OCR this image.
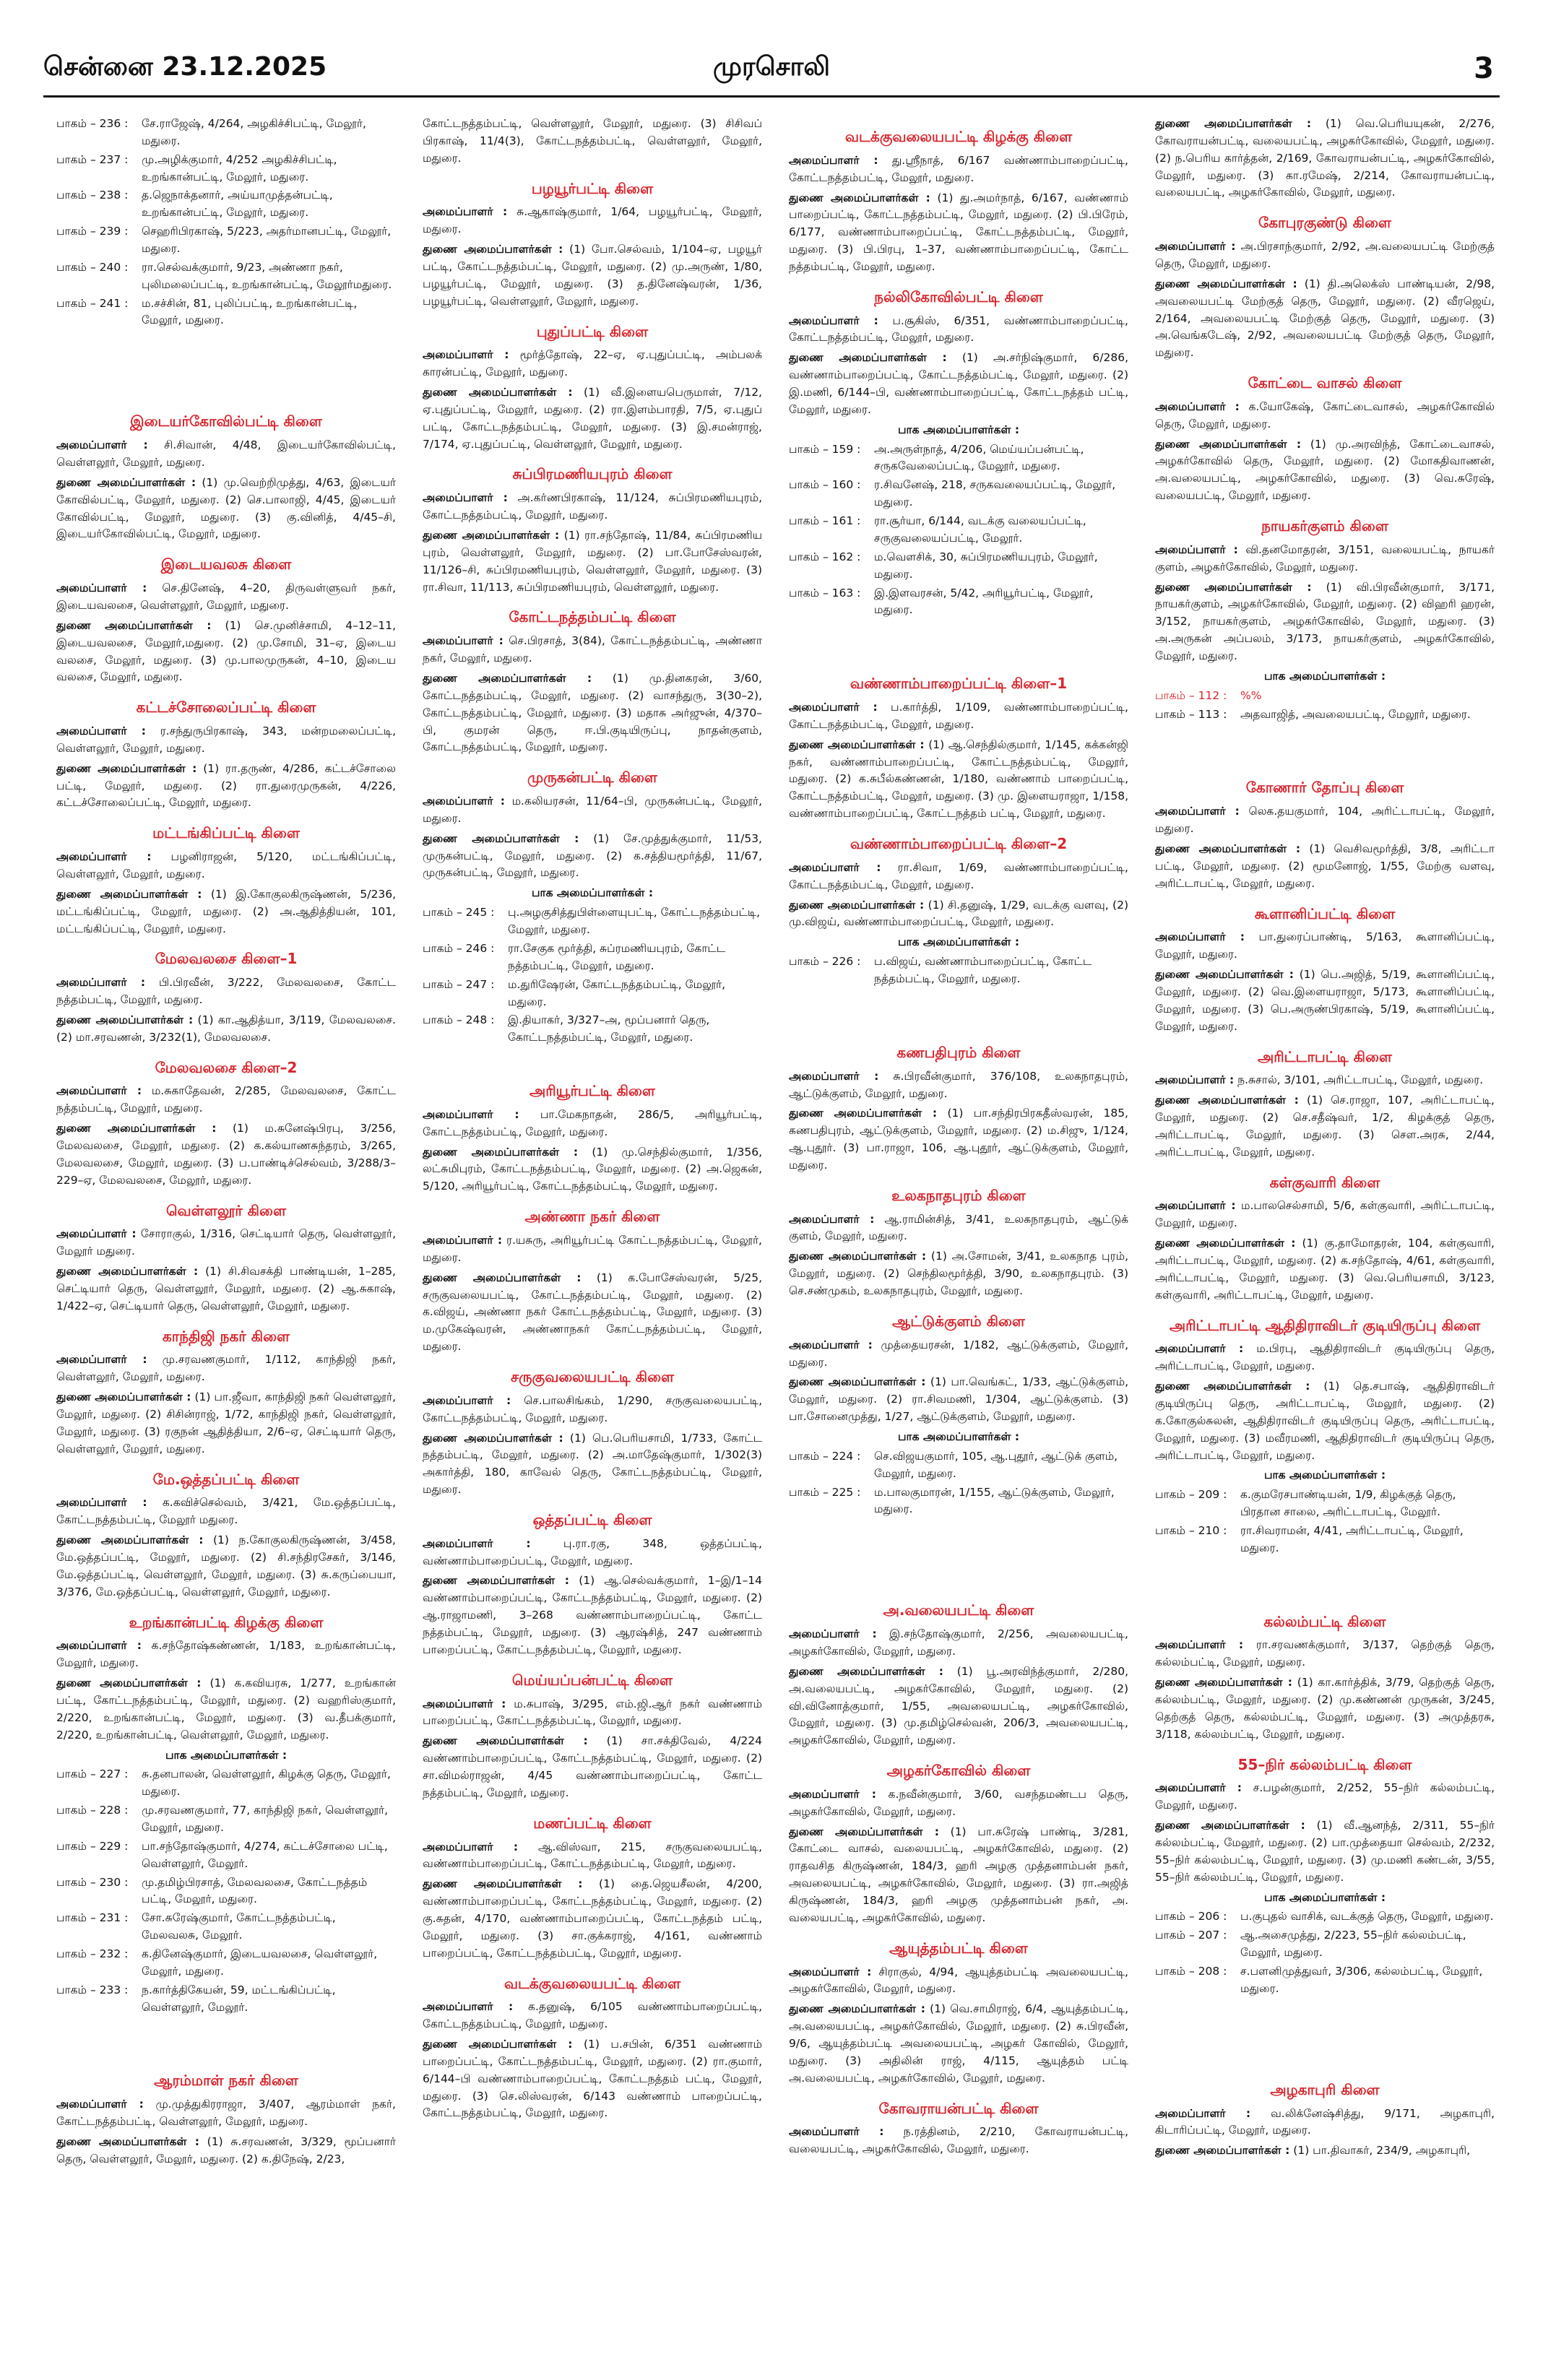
சென்னை 23.12.2025	முரசொலி	3
பாகம் – 236 :	சே.ராஜேஷ், 4/264, அழகிச்சிபட்டி, மேலூர், மதுரை.
பாகம் – 237 :	மு.அழிக்குமார், 4/252 அழகிச்சிபட்டி, உறங்கான்பட்டி, மேலூர், மதுரை.
பாகம் – 238 :	த.ஜெநாக்தனார், அய்யாமுத்தன்பட்டி, உறங்கான்பட்டி, மேலூர், மதுரை.
பாகம் – 239 :	செஹரிபிரகாஷ், 5/223, அதர்மானபட்டி, மேலூர், மதுரை.
பாகம் – 240 :	ரா.செல்வக்குமார், 9/23, அண்ணா நகர், புலிமலைப்பட்டி, உறங்கான்பட்டி, மேலூர்மதுரை.
பாகம் – 241 :	ம.சச்சின், 81, புலிப்பட்டி, உறங்கான்பட்டி, மேலூர், மதுரை.
இடையர்கோவில்பட்டி கிளை
அமைப்பாளர் : சி.சிவான், 4/48, இடையர்கோவில்பட்டி, வெள்ளலூர், மேலூர், மதுரை.
துணை அமைப்பாளர்கள் : (1) மு.வெற்றிமுத்து, 4/63, இடையர் கோவில்பட்டி, மேலூர், மதுரை. (2) செ.பாலாஜி, 4/45, இடையர் கோவில்பட்டி, மேலூர், மதுரை. (3) கு.வினித், 4/45–சி, இடையர்கோவில்பட்டி, மேலூர், மதுரை.
இடையவலசு கிளை
அமைப்பாளர் : செ.தினேஷ், 4–20, திருவள்ளுவர் நகர், இடையவலசை, வெள்ளலூர், மேலூர், மதுரை.
துணை அமைப்பாளர்கள் : (1) செ.முனிச்சாமி, 4–12–11, இடையவலசை, மேலூர்,மதுரை. (2) மு.சோமி, 31–ஏ, இடைய வலசை, மேலூர், மதுரை. (3) மு.பாலமுருகன், 4–10, இடைய வலசை, மேலூர், மதுரை.
கட்டச்சோலைப்பட்டி கிளை
அமைப்பாளர் : ர.சந்துருபிரகாஷ், 343, மன்றமலைப்பட்டி, வெள்ளலூர், மேலூர், மதுரை.
துணை அமைப்பாளர்கள் : (1) ரா.தருண், 4/286, கட்டச்சோலை பட்டி, மேலூர், மதுரை. (2) ரா.துரைமுருகன், 4/226, கட்டச்சோலைப்பட்டி, மேலூர், மதுரை.
மட்டங்கிப்பட்டி கிளை
அமைப்பாளர் : பழனிராஜன், 5/120, மட்டங்கிப்பட்டி, வெள்ளலூர், மேலூர், மதுரை.
துணை அமைப்பாளர்கள் : (1) இ.கோகுலகிருஷ்ணன், 5/236, மட்டங்கிப்பட்டி, மேலூர், மதுரை. (2) அ.ஆதித்தியன், 101, மட்டங்கிப்பட்டி, மேலூர், மதுரை.
மேலவலசை கிளை–1
அமைப்பாளர் : பி.பிரவீன், 3/222, மேலவலசை, கோட்ட நத்தம்பட்டி, மேலூர், மதுரை.
துணை அமைப்பாளர்கள் : (1) கா.ஆதித்யா, 3/119, மேலவலசை. (2) மா.சரவணன், 3/232(1), மேலவலசை.
மேலவலசை கிளை–2
அமைப்பாளர் : ம.சுகாதேவன், 2/285, மேலவலசை, கோட்ட நத்தம்பட்டி, மேலூர், மதுரை.
துணை அமைப்பாளர்கள் : (1) ம.சுனேஷ்பிரபு, 3/256, மேலவலசை, மேலூர், மதுரை. (2) க.கல்யாணசுந்தரம், 3/265, மேலவலசை, மேலூர், மதுரை. (3) ப.பாண்டிச்செல்வம், 3/288/3–229–ஏ, மேலவலசை, மேலூர், மதுரை.
வெள்ளலூர் கிளை
அமைப்பாளர் : சோராகுல், 1/316, செட்டியார் தெரு, வெள்ளலூர், மேலூர் மதுரை.
துணை அமைப்பாளர்கள் : (1) சி.சிவசக்தி பாண்டியன், 1–285, செட்டியார் தெரு, வெள்ளலூர், மேலூர், மதுரை. (2) ஆ.சுகாஷ், 1/422–ஏ, செட்டியார் தெரு, வெள்ளலூர், மேலூர், மதுரை.
காந்திஜி நகர் கிளை
அமைப்பாளர் : மு.சரவணகுமார், 1/112, காந்திஜி நகர், வெள்ளலூர், மேலூர், மதுரை.
துணை அமைப்பாளர்கள் : (1) பா.ஜீவா, காந்திஜி நகர் வெள்ளலூர், மேலூர், மதுரை. (2) சிசின்ராஜ், 1/72, காந்திஜி நகர், வெள்ளலூர், மேலூர், மதுரை. (3) ரகுநன் ஆதித்தியா, 2/6–ஏ, செட்டியார் தெரு, வெள்ளலூர், மேலூர், மதுரை.
மே.ஒத்தப்பட்டி கிளை
அமைப்பாளர் : க.கவிச்செல்வம், 3/421, மே.ஒத்தப்பட்டி, கோட்டநத்தம்பட்டி, மேலூர் மதுரை.
துணை அமைப்பாளர்கள் : (1) ந.கோகுலகிருஷ்ணன், 3/458, மே.ஒத்தப்பட்டி, மேலூர், மதுரை. (2) சி.சந்திரசேகர், 3/146, மே.ஒத்தப்பட்டி, வெள்ளலூர், மேலூர், மதுரை. (3) சு.கருப்பையா, 3/376, மே.ஒத்தப்பட்டி, வெள்ளலூர், மேலூர், மதுரை.
உறங்கான்பட்டி கிழக்கு கிளை
அமைப்பாளர் : க.சந்தோஷ்கண்ணன், 1/183, உறங்கான்பட்டி, மேலூர், மதுரை.
துணை அமைப்பாளர்கள் : (1) க.கவியரசு, 1/277, உறங்கான் பட்டி, கோட்டநத்தம்பட்டி, மேலூர், மதுரை. (2) வஹரிஸ்குமார், 2/220, உறங்கான்பட்டி, மேலூர், மதுரை. (3) வ.தீபக்குமார், 2/220, உறங்கான்பட்டி, வெள்ளலூர், மேலூர், மதுரை.
பாக அமைப்பாளர்கள் :
பாகம் – 227 :	சு.தனபாலன், வெள்ளலூர், கிழக்கு தெரு, மேலூர், மதுரை.
பாகம் – 228 :	மு.சரவணகுமார், 77, காந்திஜி நகர், வெள்ளலூர், மேலூர், மதுரை.
பாகம் – 229 :	பா.சந்தோஷ்குமார், 4/274, கட்டச்சோலை பட்டி, வெள்ளலூர், மேலூர்.
பாகம் – 230 :	மு.தமிழ்பிரசாத், மேலவலசை, கோட்டநத்தம் பட்டி, மேலூர், மதுரை.
பாகம் – 231 :	சோ.சுரேஷ்குமார், கோட்டநத்தம்பட்டி, மேலவலசு, மேலூர்.
பாகம் – 232 :	க.தினேஷ்குமார், இடையவலசை, வெள்ளலூர், மேலூர், மதுரை.
பாகம் – 233 :	ந.கார்த்திகேயன், 59, மட்டங்கிப்பட்டி, வெள்ளலூர், மேலூர்.
ஆரம்மாள் நகர் கிளை
அமைப்பாளர் : மு.முத்துகிரராஜா, 3/407, ஆரம்மாள் நகர், கோட்டநத்தம்பட்டி, வெள்ளலூர், மேலூர், மதுரை.
துணை அமைப்பாளர்கள் : (1) சு.சரவணன், 3/329, மூப்பனார் தெரு, வெள்ளலூர், மேலூர், மதுரை. (2) க.திநேஷ், 2/23,
கோட்டநத்தம்பட்டி, வெள்ளலூர், மேலூர், மதுரை. (3) சிசிவப் பிரகாஷ், 11/4(3), கோட்டநத்தம்பட்டி, வெள்ளலூர், மேலூர், மதுரை.
பழயூர்பட்டி கிளை
அமைப்பாளர் : சு.ஆகாஷ்குமார், 1/64, பழயூர்பட்டி, மேலூர், மதுரை.
துணை அமைப்பாளர்கள் : (1) போ.செல்வம், 1/104–ஏ, பழயூர் பட்டி, கோட்டநத்தம்பட்டி, மேலூர், மதுரை. (2) மு.அருண், 1/80, பழயூர்பட்டி, மேலூர், மதுரை. (3) த.தினேஷ்வரன், 1/36, பழயூர்பட்டி, வெள்ளலூர், மேலூர், மதுரை.
புதுப்பட்டி கிளை
அமைப்பாளர் : மூர்த்தோஷ், 22–ஏ, ஏ.புதுப்பட்டி, அம்பலக் காரன்பட்டி, மேலூர், மதுரை.
துணை அமைப்பாளர்கள் : (1) வீ.இளையபெருமாள், 7/12, ஏ.புதுப்பட்டி, மேலூர், மதுரை. (2) ரா.இளம்பாரதி, 7/5, ஏ.புதுப் பட்டி, கோட்டநத்தம்பட்டி, மேலூர், மதுரை. (3) இ.சமன்ராஜ், 7/174, ஏ.புதுப்பட்டி, வெள்ளலூர், மேலூர், மதுரை.
சுப்பிரமணியபுரம் கிளை
அமைப்பாளர் : அ.கர்ணபிரகாஷ், 11/124, சுப்பிரமணியபுரம், கோட்டநத்தம்பட்டி, மேலூர், மதுரை.
துணை அமைப்பாளர்கள் : (1) ரா.சந்தோஷ், 11/84, சுப்பிரமணிய புரம், வெள்ளலூர், மேலூர், மதுரை. (2) பா.போசேஸ்வரன், 11/126–சி, சுப்பிரமணியபுரம், வெள்ளலூர், மேலூர், மதுரை. (3) ரா.சிவா, 11/113, சுப்பிரமணியபுரம், வெள்ளலூர், மதுரை.
கோட்டநத்தம்பட்டி கிளை
அமைப்பாளர் : செ.பிரசாத், 3(84), கோட்டநத்தம்பட்டி, அண்ணா நகர், மேலூர், மதுரை.
துணை அமைப்பாளர்கள் : (1) மு.தினகரன், 3/60, கோட்டநத்தம்பட்டி, மேலூர், மதுரை. (2) வாசந்துரு, 3(30–2), கோட்டநத்தம்பட்டி, மேலூர், மதுரை. (3) மதாசு அர்ஜுன், 4/370–பி, குமரன் தெரு, ஈ.பி.குடியிருப்பு, நாதன்குளம், கோட்டநத்தம்பட்டி, மேலூர், மதுரை.
முருகன்பட்டி கிளை
அமைப்பாளர் : ம.கலியரசன், 11/64–பி, முருகன்பட்டி, மேலூர், மதுரை.
துணை அமைப்பாளர்கள் : (1) சே.முத்துக்குமார், 11/53, முருகன்பட்டி, மேலூர், மதுரை. (2) க.சத்தியமூர்த்தி, 11/67, முருகன்பட்டி, மேலூர், மதுரை.
பாக அமைப்பாளர்கள் :
பாகம் – 245 :	பு.அழகுசித்துபிள்ளையுபட்டி, கோட்டநத்தம்பட்டி, மேலூர், மதுரை.
பாகம் – 246 :	ரா.சேகுக மூர்த்தி, சுப்ரமணியபுரம், கோட்ட நத்தம்பட்டி, மேலூர், மதுரை.
பாகம் – 247 :	ம.துரிஷேரன், கோட்டநத்தம்பட்டி, மேலூர், மதுரை.
பாகம் – 248 :	இ.தியாகர், 3/327–அ, மூப்பனார் தெரு, கோட்டநத்தம்பட்டி, மேலூர், மதுரை.
அரியூர்பட்டி கிளை
அமைப்பாளர் : பா.மேகநாதன், 286/5, அரியூர்பட்டி, கோட்டநத்தம்பட்டி, மேலூர், மதுரை.
துணை அமைப்பாளர்கள் : (1) மு.செந்தில்குமார், 1/356, லட்சுமிபுரம், கோட்டநத்தம்பட்டி, மேலூர், மதுரை. (2) அ.ஜெகன், 5/120, அரியூர்பட்டி, கோட்டநத்தம்பட்டி, மேலூர், மதுரை.
அண்ணா நகர் கிளை
அமைப்பாளர் : ர.யசுரு, அரியூர்பட்டி கோட்டநத்தம்பட்டி, மேலூர், மதுரை.
துணை அமைப்பாளர்கள் : (1) க.போசேஸ்வரன், 5/25, சருகுவலையபட்டி, கோட்டநத்தம்பட்டி, மேலூர், மதுரை. (2) க.விஜய், அண்ணா நகர் கோட்டநத்தம்பட்டி, மேலூர், மதுரை. (3) ம.முகேஷ்வரன், அண்ணாநகர் கோட்டநத்தம்பட்டி, மேலூர், மதுரை.
சருகுவலையபட்டி கிளை
அமைப்பாளர் : செ.பாலசிங்கம், 1/290, சருகுவலையபட்டி, கோட்டநத்தம்பட்டி, மேலூர், மதுரை.
துணை அமைப்பாளர்கள் : (1) பெ.பெரியசாமி, 1/733, கோட்ட நத்தம்பட்டி, மேலூர், மதுரை. (2) அ.மாதேஷ்குமார், 1/302(3) அகார்த்தி, 180, காவேல் தெரு, கோட்டநத்தம்பட்டி, மேலூர், மதுரை.
ஒத்தப்பட்டி கிளை
அமைப்பாளர் :	பு.ரா.ரகு, 348, ஒத்தப்பட்டி, வண்ணாம்பாறைப்பட்டி, மேலூர், மதுரை.
துணை அமைப்பாளர்கள் : (1) ஆ.செல்வக்குமார், 1–இ/1–14 வண்ணாம்பாறைப்பட்டி, கோட்டநத்தம்பட்டி, மேலூர், மதுரை. (2) ஆ.ராஜாமணி, 3–268 வண்ணாம்பாறைப்பட்டி, கோட்ட நத்தம்பட்டி, மேலூர், மதுரை. (3) ஆரஷ்சித், 247 வண்ணாம் பாறைப்பட்டி, கோட்டநத்தம்பட்டி, மேலூர், மதுரை.
மெய்யப்பன்பட்டி கிளை
அமைப்பாளர் : ம.சுபாஷ், 3/295, எம்.ஜி.ஆர் நகர் வண்ணாம் பாறைப்பட்டி, கோட்டநத்தம்பட்டி, மேலூர், மதுரை.
துணை அமைப்பாளர்கள் : (1) சா.சக்திவேல், 4/224 வண்ணாம்பாறைப்பட்டி, கோட்டநத்தம்பட்டி, மேலூர், மதுரை. (2) சா.விமல்ராஜன், 4/45 வண்ணாம்பாறைப்பட்டி, கோட்ட நத்தம்பட்டி, மேலூர், மதுரை.
மணப்பட்டி கிளை
அமைப்பாளர் : ஆ.விஸ்வா, 215, சருகுவலையபட்டி, வண்ணாம்பாறைப்பட்டி, கோட்டநத்தம்பட்டி, மேலூர், மதுரை.
துணை அமைப்பாளர்கள் : (1) தை.ஜெயசீலன், 4/200, வண்ணாம்பாறைப்பட்டி, கோட்டநத்தம்பட்டி, மேலூர், மதுரை. (2) கு.சுதன், 4/170, வண்ணாம்பாறைப்பட்டி, கோட்டநத்தம் பட்டி, மேலூர், மதுரை. (3) சா.குக்கராஜ், 4/161, வண்ணாம் பாறைப்பட்டி, கோட்டநத்தம்பட்டி, மேலூர், மதுரை.
வடக்குவலையபட்டி கிளை
அமைப்பாளர் : க.தனுஷ், 6/105 வண்ணாம்பாறைப்பட்டி, கோட்டநத்தம்பட்டி, மேலூர், மதுரை.
துணை அமைப்பாளர்கள் : (1) ப.சபின், 6/351 வண்ணாம் பாறைப்பட்டி, கோட்டநத்தம்பட்டி, மேலூர், மதுரை. (2) ரா.குமார், 6/144–பி வண்ணாம்பாறைப்பட்டி, கோட்டநத்தம் பட்டி, மேலூர், மதுரை. (3) செ.லிஸ்வரன், 6/143 வண்ணாம் பாறைப்பட்டி, கோட்டநத்தம்பட்டி, மேலூர், மதுரை.
வடக்குவலையபட்டி கிழக்கு கிளை
அமைப்பாளர் : து.ஸ்ரீநாத், 6/167 வண்ணாம்பாறைப்பட்டி, கோட்டநத்தம்பட்டி, மேலூர், மதுரை.
துணை அமைப்பாளர்கள் : (1) து.அமர்நாத், 6/167, வண்ணாம் பாறைப்பட்டி, கோட்டநத்தம்பட்டி, மேலூர், மதுரை. (2) பி.பிரேம், 6/177, வண்ணாம்பாறைப்பட்டி, கோட்டநத்தம்பட்டி, மேலூர், மதுரை. (3) பி.பிரபு, 1–37, வண்ணாம்பாறைப்பட்டி, கோட்ட நத்தம்பட்டி, மேலூர், மதுரை.
நல்லிகோவில்பட்டி கிளை
அமைப்பாளர் : ப.சூகிஸ், 6/351, வண்ணாம்பாறைப்பட்டி, கோட்டநத்தம்பட்டி, மேலூர், மதுரை.
துணை அமைப்பாளர்கள் : (1) அ.சர்நிஷ்குமார், 6/286, வண்ணாம்பாறைப்பட்டி, கோட்டநத்தம்பட்டி, மேலூர், மதுரை. (2) இ.மணி, 6/144–பி, வண்ணாம்பாறைப்பட்டி, கோட்டநத்தம் பட்டி, மேலூர், மதுரை.
பாக அமைப்பாளர்கள் :
பாகம் – 159 :	அ.அருள்நாத், 4/206, மெய்யப்பன்பட்டி, சருகவேலைப்பட்டி, மேலூர், மதுரை.
பாகம் – 160 :	ர.சிவனேஷ், 218, சருகவலையப்பட்டி, மேலூர், மதுரை.
பாகம் – 161 :	ரா.சூர்யா, 6/144, வடக்கு வலையப்பட்டி, சருகுவலையப்பட்டி, மேலூர்.
பாகம் – 162 :	ம.வெளசிக், 30, சுப்பிரமணியபுரம், மேலூர், மதுரை.
பாகம் – 163 :	இ.இளவரசன், 5/42, அரியூர்பட்டி, மேலூர், மதுரை.
வண்ணாம்பாறைப்பட்டி கிளை–1
அமைப்பாளர் : ப.கார்த்தி, 1/109, வண்ணாம்பாறைப்பட்டி, கோட்டநத்தம்பட்டி, மேலூர், மதுரை.
துணை அமைப்பாளர்கள் : (1) ஆ.செந்தில்குமார், 1/145, கக்கன்ஜி நகர், வண்ணாம்பாறைப்பட்டி, கோட்டநத்தம்பட்டி, மேலூர், மதுரை. (2) க.சுபீல்கண்ணன், 1/180, வண்ணாம் பாறைப்பட்டி, கோட்டநத்தம்பட்டி, மேலூர், மதுரை. (3) மு. இளையராஜா, 1/158, வண்ணாம்பாறைப்பட்டி, கோட்டநத்தம் பட்டி, மேலூர், மதுரை.
வண்ணாம்பாறைப்பட்டி கிளை–2
அமைப்பாளர் : ரா.சிவா, 1/69, வண்ணாம்பாறைப்பட்டி, கோட்டநத்தம்பட்டி, மேலூர், மதுரை.
துணை அமைப்பாளர்கள் : (1) சி.தனுஷ், 1/29, வடக்கு வளவு, (2) மு.விஜய், வண்ணாம்பாறைப்பட்டி, மேலூர், மதுரை.
பாக அமைப்பாளர்கள் :
பாகம் – 226 :	ப.விஜய், வண்ணாம்பாறைப்பட்டி, கோட்ட நத்தம்பட்டி, மேலூர், மதுரை.
கணபதிபுரம் கிளை
அமைப்பாளர் : சு.பிரவீன்குமார், 376/108, உலகநாதபுரம், ஆட்டுக்குளம், மேலூர், மதுரை.
துணை அமைப்பாளர்கள் : (1) பா.சந்திரபிரகதீஸ்வரன், 185, கணபதிபுரம், ஆட்டுக்குளம், மேலூர், மதுரை. (2) ம.சிஜு, 1/124, ஆ.புதூர். (3) பா.ராஜா, 106, ஆ.புதூர், ஆட்டுக்குளம், மேலூர், மதுரை.
உலகநாதபுரம் கிளை
அமைப்பாளர் : ஆ.ராமின்சித், 3/41, உலகநாதபுரம், ஆட்டுக் குளம், மேலூர், மதுரை.
துணை அமைப்பாளர்கள் : (1) அ.சோமன், 3/41, உலகநாத புரம், மேலூர், மதுரை. (2) செந்திலமூர்த்தி, 3/90, உலகநாதபுரம். (3) செ.சண்முகம், உலகநாதபுரம், மேலூர், மதுரை.
ஆட்டுக்குளம் கிளை
அமைப்பாளர் : முத்தையரசன், 1/182, ஆட்டுக்குளம், மேலூர், மதுரை.
துணை அமைப்பாளர்கள் : (1) பா.வெங்கட், 1/33, ஆட்டுக்குளம், மேலூர், மதுரை. (2) ரா.சிவமணி, 1/304, ஆட்டுக்குளம். (3) பா.சோனைமுத்து, 1/27, ஆட்டுக்குளம், மேலூர், மதுரை.
பாக அமைப்பாளர்கள் :
பாகம் – 224 :	செ.விஜயகுமார், 105, ஆ.புதூர், ஆட்டுக் குளம், மேலூர், மதுரை.
பாகம் – 225 :	ம.பாலகுமாரன், 1/155, ஆட்டுக்குளம், மேலூர், மதுரை.
அ.வலையபட்டி கிளை
அமைப்பாளர் : இ.சந்தோஷ்குமார், 2/256, அவலையபட்டி, அழகர்கோவில், மேலூர், மதுரை.
துணை அமைப்பாளர்கள் : (1) பூ.அரவிந்த்குமார், 2/280, அ.வலையபட்டி, அழகர்கோவில், மேலூர், மதுரை. (2) வி.வினோத்குமார், 1/55, அவலையபட்டி, அழகர்கோவில், மேலூர், மதுரை. (3) மு.தமிழ்செல்வன், 206/3, அவலையபட்டி, அழகர்கோவில், மேலூர், மதுரை.
அழகர்கோவில் கிளை
அமைப்பாளர் : க.நவீன்குமார், 3/60, வசந்தமண்டப தெரு, அழகர்கோவில், மேலூர், மதுரை.
துணை அமைப்பாளர்கள் : (1) பா.சுரேஷ் பாண்டி, 3/281, கோட்டை வாசல், வலையபட்டி, அழகர்கோவில், மதுரை. (2) ராதவசித கிருஷ்ணன், 184/3, ஹரி அழகு முத்தனாம்பன் நகர், அவலையபட்டி, அழகர்கோவில், மேலூர், மதுரை. (3) ரா.அஜித் கிருஷ்ணன், 184/3, ஹரி அழகு முத்தனாம்பன் நகர், அ. வலையபட்டி, அழகர்கோவில், மதுரை.
ஆயுத்தம்பட்டி கிளை
அமைப்பாளர் : சிராகுல், 4/94, ஆயுத்தம்பட்டி அவலையபட்டி, அழகர்கோவில், மேலூர், மதுரை.
துணை அமைப்பாளர்கள் : (1) வெ.சாமிராஜ், 6/4, ஆயுத்தம்பட்டி, அ.வலையபட்டி, அழகர்கோவில், மேலூர், மதுரை. (2) சு.பிரவீன், 9/6, ஆயுத்தம்பட்டி அவலையபட்டி, அழகர் கோவில், மேலூர், மதுரை. (3) அதிலின் ராஜ், 4/115, ஆயுத்தம் பட்டி அ.வலையபட்டி, அழகர்கோவில், மேலூர், மதுரை.
கோவராயன்பட்டி கிளை
அமைப்பாளர் : ந.ரத்தினம், 2/210, கோவராயன்பட்டி, வலையபட்டி, அழகர்கோவில், மேலூர், மதுரை.
துணை அமைப்பாளர்கள் : (1) வெ.பெரியயுகன், 2/276, கோவராயன்பட்டி, வலையபட்டி, அழகர்கோவில், மேலூர், மதுரை. (2) ந.பெரிய கார்த்தன், 2/169, கோவராயன்பட்டி, அழகர்கோவில், மேலூர், மதுரை. (3) கா.ரமேஷ், 2/214, கோவராயன்பட்டி, வலையபட்டி, அழகர்கோவில், மேலூர், மதுரை.
கோபுரகுண்டு கிளை
அமைப்பாளர் : அ.பிரசாந்குமார், 2/92, அ.வலையபட்டி மேற்குத் தெரு, மேலூர், மதுரை.
துணை அமைப்பாளர்கள் : (1) தி.அலெக்ஸ் பாண்டியன், 2/98, அவலையபட்டி மேற்குத் தெரு, மேலூர், மதுரை. (2) வீரஜெய், 2/164, அவலையபட்டி மேற்குத் தெரு, மேலூர், மதுரை. (3) அ.வெங்கடேஷ், 2/92, அவலையபட்டி மேற்குத் தெரு, மேலூர், மதுரை.
கோட்டை வாசல் கிளை
அமைப்பாளர் : க.யோகேஷ், கோட்டைவாசல், அழகர்கோவில் தெரு, மேலூர், மதுரை.
துணை அமைப்பாளர்கள் : (1) மு.அரவிந்த், கோட்டைவாசல், அழகர்கோவில் தெரு, மேலூர், மதுரை. (2) மோகதிவாணன், அ.வலையபட்டி, அழகர்கோவில், மதுரை. (3) வெ.சுரேஷ், வலையபட்டி, மேலூர், மதுரை.
நாயகர்குளம் கிளை
அமைப்பாளர் : வி.தனமோதரன், 3/151, வலையபட்டி, நாயகர் குளம், அழகர்கோவில், மேலூர், மதுரை.
துணை அமைப்பாளர்கள் : (1) வி.பிரவீன்குமார், 3/171, நாயகர்குளம், அழகர்கோவில், மேலூர், மதுரை. (2) விஹரி ஹரன், 3/152, நாயகர்குளம், அழகர்கோவில், மேலூர், மதுரை. (3) அ.அருகன் அப்பலம், 3/173, நாயகர்குளம், அழகர்கோவில், மேலூர், மதுரை.
பாக அமைப்பாளர்கள் :
பாகம் – 112 :	%%
பாகம் – 113 :	அதவாஜித், அவலையபட்டி, மேலூர், மதுரை.
கோணார் தோப்பு கிளை
அமைப்பாளர் : லெக.தயகுமார், 104, அரிட்டாபட்டி, மேலூர், மதுரை.
துணை அமைப்பாளர்கள் : (1) வெசிவமூர்த்தி, 3/8, அரிட்டா பட்டி, மேலூர், மதுரை. (2) மூமனோஜ், 1/55, மேற்கு வளவு, அரிட்டாபட்டி, மேலூர், மதுரை.
கூளானிப்பட்டி கிளை
அமைப்பாளர் : பா.துரைப்பாண்டி, 5/163, கூளானிப்பட்டி, மேலூர், மதுரை.
துணை அமைப்பாளர்கள் : (1) பெ.அஜித், 5/19, கூளானிப்பட்டி, மேலூர், மதுரை. (2) வெ.இளையராஜா, 5/173, கூளானிப்பட்டி, மேலூர், மதுரை. (3) பெ.அருண்பிரகாஷ், 5/19, கூளானிப்பட்டி, மேலூர், மதுரை.
அரிட்டாபட்டி கிளை
அமைப்பாளர் : ந.சுசால், 3/101, அரிட்டாபட்டி, மேலூர், மதுரை.
துணை அமைப்பாளர்கள் : (1) செ.ராஜா, 107, அரிட்டாபட்டி, மேலூர், மதுரை. (2) செ.சதீஷ்வர், 1/2, கிழக்குத் தெரு, அரிட்டாபட்டி, மேலூர், மதுரை. (3) சௌ.அரசு, 2/44, அரிட்டாபட்டி, மேலூர், மதுரை.
கள்குவாரி கிளை
அமைப்பாளர் : ம.பாலசெல்சாமி, 5/6, கள்குவாரி, அரிட்டாபட்டி, மேலூர், மதுரை.
துணை அமைப்பாளர்கள் : (1) கு.தாமோதரன், 104, கள்குவாரி, அரிட்டாபட்டி, மேலூர், மதுரை. (2) க.சந்தோஷ், 4/61, கள்குவாரி, அரிட்டாபட்டி, மேலூர், மதுரை. (3) வெ.பெரியசாமி, 3/123, கள்குவாரி, அரிட்டாபட்டி, மேலூர், மதுரை.
அரிட்டாபட்டி ஆதிதிராவிடர் குடியிருப்பு கிளை
அமைப்பாளர் : ம.பிரபு, ஆதிதிராவிடர் குடியிருப்பு தெரு, அரிட்டாபட்டி, மேலூர், மதுரை.
துணை அமைப்பாளர்கள் : (1) தெ.சபாஷ், ஆதிதிராவிடர் குடியிருப்பு தெரு, அரிட்டாபட்டி, மேலூர், மதுரை. (2) க.கோகுல்சுலன், ஆதிதிராவிடர் குடியிருப்பு தெரு, அரிட்டாபட்டி, மேலூர், மதுரை. (3) மவீரமணி, ஆதிதிராவிடர் குடியிருப்பு தெரு, அரிட்டாபட்டி, மேலூர், மதுரை.
பாக அமைப்பாளர்கள் :
பாகம் – 209 :	க.குமரேசபாண்டியன், 1/9, கிழக்குத் தெரு, பிரதான சாலை, அரிட்டாபட்டி, மேலூர்.
பாகம் – 210 :	ரா.சிவராமன், 4/41, அரிட்டாபட்டி, மேலூர், மதுரை.
கல்லம்பட்டி கிளை
அமைப்பாளர் : ரா.சரவணக்குமார், 3/137, தெற்குத் தெரு, கல்லம்பட்டி, மேலூர், மதுரை.
துணை அமைப்பாளர்கள் : (1) கா.கார்த்திக், 3/79, தெற்குத் தெரு, கல்லம்பட்டி, மேலூர், மதுரை. (2) மு.கண்ணன் முருகன், 3/245, தெற்குத் தெரு, கல்லம்பட்டி, மேலூர், மதுரை. (3) அமுத்தரசு, 3/118, கல்லம்பட்டி, மேலூர், மதுரை.
55–நிர் கல்லம்பட்டி கிளை
அமைப்பாளர் : ச.பழன்குமார், 2/252, 55–நிர் கல்லம்பட்டி, மேலூர், மதுரை.
துணை அமைப்பாளர்கள் : (1) வீ.ஆனந்த், 2/311, 55–நிர் கல்லம்பட்டி, மேலூர், மதுரை. (2) பா.முத்தையா செல்வம், 2/232, 55–நிர் கல்லம்பட்டி, மேலூர், மதுரை. (3) மு.மணி கண்டன், 3/55, 55–நிர் கல்லம்பட்டி, மேலூர், மதுரை.
பாக அமைப்பாளர்கள் :
பாகம் – 206 :	ப.குபுதல் வாசிக், வடக்குத் தெரு, மேலூர், மதுரை.
பாகம் – 207 :	ஆ.அசைமுத்து, 2/223, 55–நிர் கல்லம்பட்டி, மேலூர், மதுரை.
பாகம் – 208 :	ச.பளனிமுத்துவர், 3/306, கல்லம்பட்டி, மேலூர், மதுரை.
அழகாபுரி கிளை
அமைப்பாளர் : வ.லிக்னேஷ்சித்து, 9/171, அழகாபுரி, கிடாரிப்பட்டி, மேலூர், மதுரை.
துணை அமைப்பாளர்கள் : (1) பா.திவாகர், 234/9, அழகாபுரி,
